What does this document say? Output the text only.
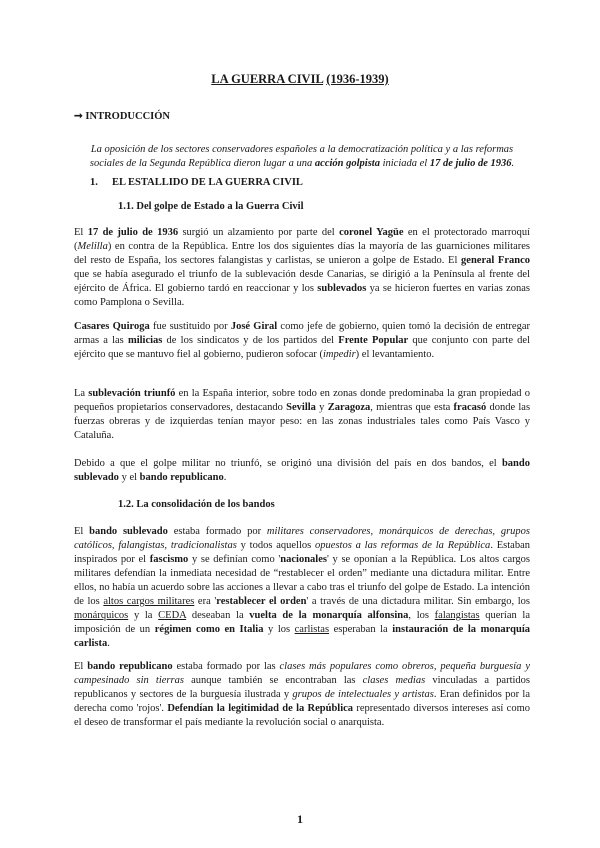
LA GUERRA CIVIL (1936-1939)
➞ INTRODUCCIÓN

La oposición de los sectores conservadores españoles a la democratización política y a las reformas sociales de la Segunda República dieron lugar a una acción golpista iniciada el 17 de julio de 1936.

1. EL ESTALLIDO DE LA GUERRA CIVIL
1.1. Del golpe de Estado a la Guerra Civil

El 17 de julio de 1936 surgió un alzamiento por parte del coronel Yagüe en el protectorado marroquí (Melilla) en contra de la República. Entre los dos siguientes días la mayoría de las guarniciones militares del resto de España, los sectores falangistas y carlistas, se unieron a golpe de Estado. El general Franco que se había asegurado el triunfo de la sublevación desde Canarias, se dirigió a la Península al frente del ejército de África. El gobierno tardó en reaccionar y los sublevados ya se hicieron fuertes en varias zonas como Pamplona o Sevilla.

Casares Quiroga fue sustituido por José Giral como jefe de gobierno, quien tomó la decisión de entregar armas a las milicias de los sindicatos y de los partidos del Frente Popular que conjunto con parte del ejército que se mantuvo fiel al gobierno, pudieron sofocar (impedir) el levantamiento.

La sublevación triunfó en la España interior, sobre todo en zonas donde predominaba la gran propiedad o pequeños propietarios conservadores, destacando Sevilla y Zaragoza, mientras que esta fracasó donde las fuerzas obreras y de izquierdas tenían mayor peso: en las zonas industriales tales como País Vasco y Cataluña.

Debido a que el golpe militar no triunfó, se originó una división del país en dos bandos, el bando sublevado y el bando republicano.

1.2. La consolidación de los bandos

El bando sublevado estaba formado por militares conservadores, monárquicos de derechas, grupos católicos, falangistas, tradicionalistas y todos aquellos opuestos a las reformas de la República. Estaban inspirados por el fascismo y se definían como 'nacionales' y se oponían a la República. Los altos cargos militares defendían la inmediata necesidad de “restablecer el orden” mediante una dictadura militar. Entre ellos, no había un acuerdo sobre las acciones a llevar a cabo tras el triunfo del golpe de Estado. La intención de los altos cargos militares era 'restablecer el orden' a través de una dictadura militar. Sin embargo, los monárquicos y la CEDA deseaban la vuelta de la monarquía alfonsina, los falangistas querían la imposición de un régimen como en Italia y los carlistas esperaban la instauración de la monarquía carlista.

El bando republicano estaba formado por las clases más populares como obreros, pequeña burguesía y campesinado sin tierras aunque también se encontraban las clases medias vinculadas a partidos republicanos y sectores de la burguesía ilustrada y grupos de intelectuales y artistas. Eran definidos por la derecha como 'rojos'. Defendían la legitimidad de la República representado diversos intereses así como el deseo de transformar el país mediante la revolución social o anarquista.

1
